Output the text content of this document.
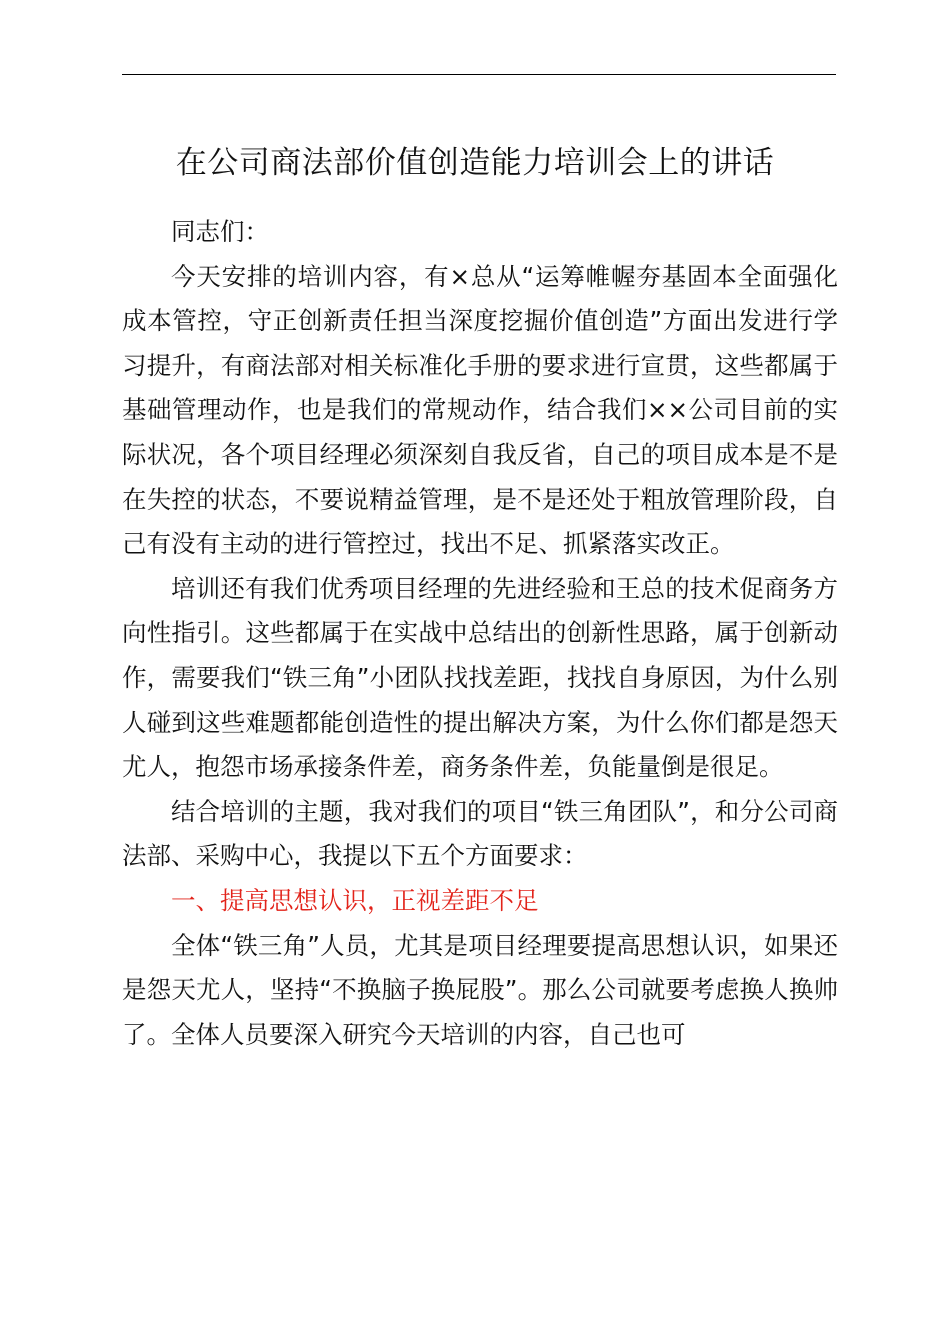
在公司商法部价值创造能力培训会上的讲话

同志们：

今天安排的培训内容，有×总从“运筹帷幄夯基固本全面强化成本管控，守正创新责任担当深度挖掘价值创造”方面出发进行学习提升，有商法部对相关标准化手册的要求进行宣贯，这些都属于基础管理动作，也是我们的常规动作，结合我们××公司目前的实际状况，各个项目经理必须深刻自我反省，自己的项目成本是不是在失控的状态，不要说精益管理，是不是还处于粗放管理阶段，自己有没有主动的进行管控过，找出不足、抓紧落实改正。

培训还有我们优秀项目经理的先进经验和王总的技术促商务方向性指引。这些都属于在实战中总结出的创新性思路，属于创新动作，需要我们“铁三角”小团队找找差距，找找自身原因，为什么别人碰到这些难题都能创造性的提出解决方案，为什么你们都是怨天尤人，抱怨市场承接条件差，商务条件差，负能量倒是很足。

结合培训的主题，我对我们的项目“铁三角团队”，和分公司商法部、采购中心，我提以下五个方面要求：

一、提高思想认识，正视差距不足

全体“铁三角”人员，尤其是项目经理要提高思想认识，如果还是怨天尤人，坚持“不换脑子换屁股”。那么公司就要考虑换人换帅了。全体人员要深入研究今天培训的内容，自己也可
